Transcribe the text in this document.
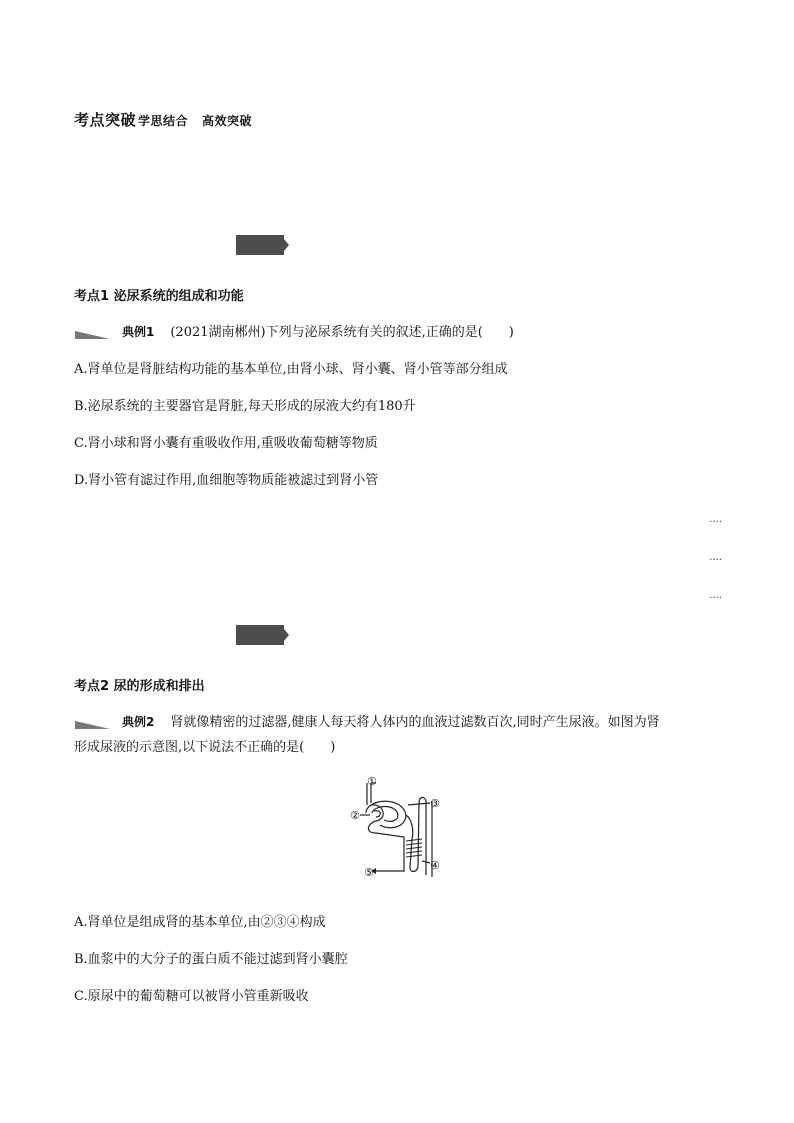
考点突破 学思结合 高效突破
考点1 泌尿系统的组成和功能
典例1 (2021湖南郴州)下列与泌尿系统有关的叙述,正确的是(　　)
A.肾单位是肾脏结构功能的基本单位,由肾小球、肾小囊、肾小管等部分组成
B.泌尿系统的主要器官是肾脏,每天形成的尿液大约有180升
C.肾小球和肾小囊有重吸收作用,重吸收葡萄糖等物质
D.肾小管有滤过作用,血细胞等物质能被滤过到肾小管
....
....
....
考点2 尿的形成和排出
典例2 肾就像精密的过滤器,健康人每天将人体内的血液过滤数百次,同时产生尿液。如图为肾
形成尿液的示意图,以下说法不正确的是(　　)
①
②
③
④
⑤
A.肾单位是组成肾的基本单位,由②③④构成
B.血浆中的大分子的蛋白质不能过滤到肾小囊腔
C.原尿中的葡萄糖可以被肾小管重新吸收
